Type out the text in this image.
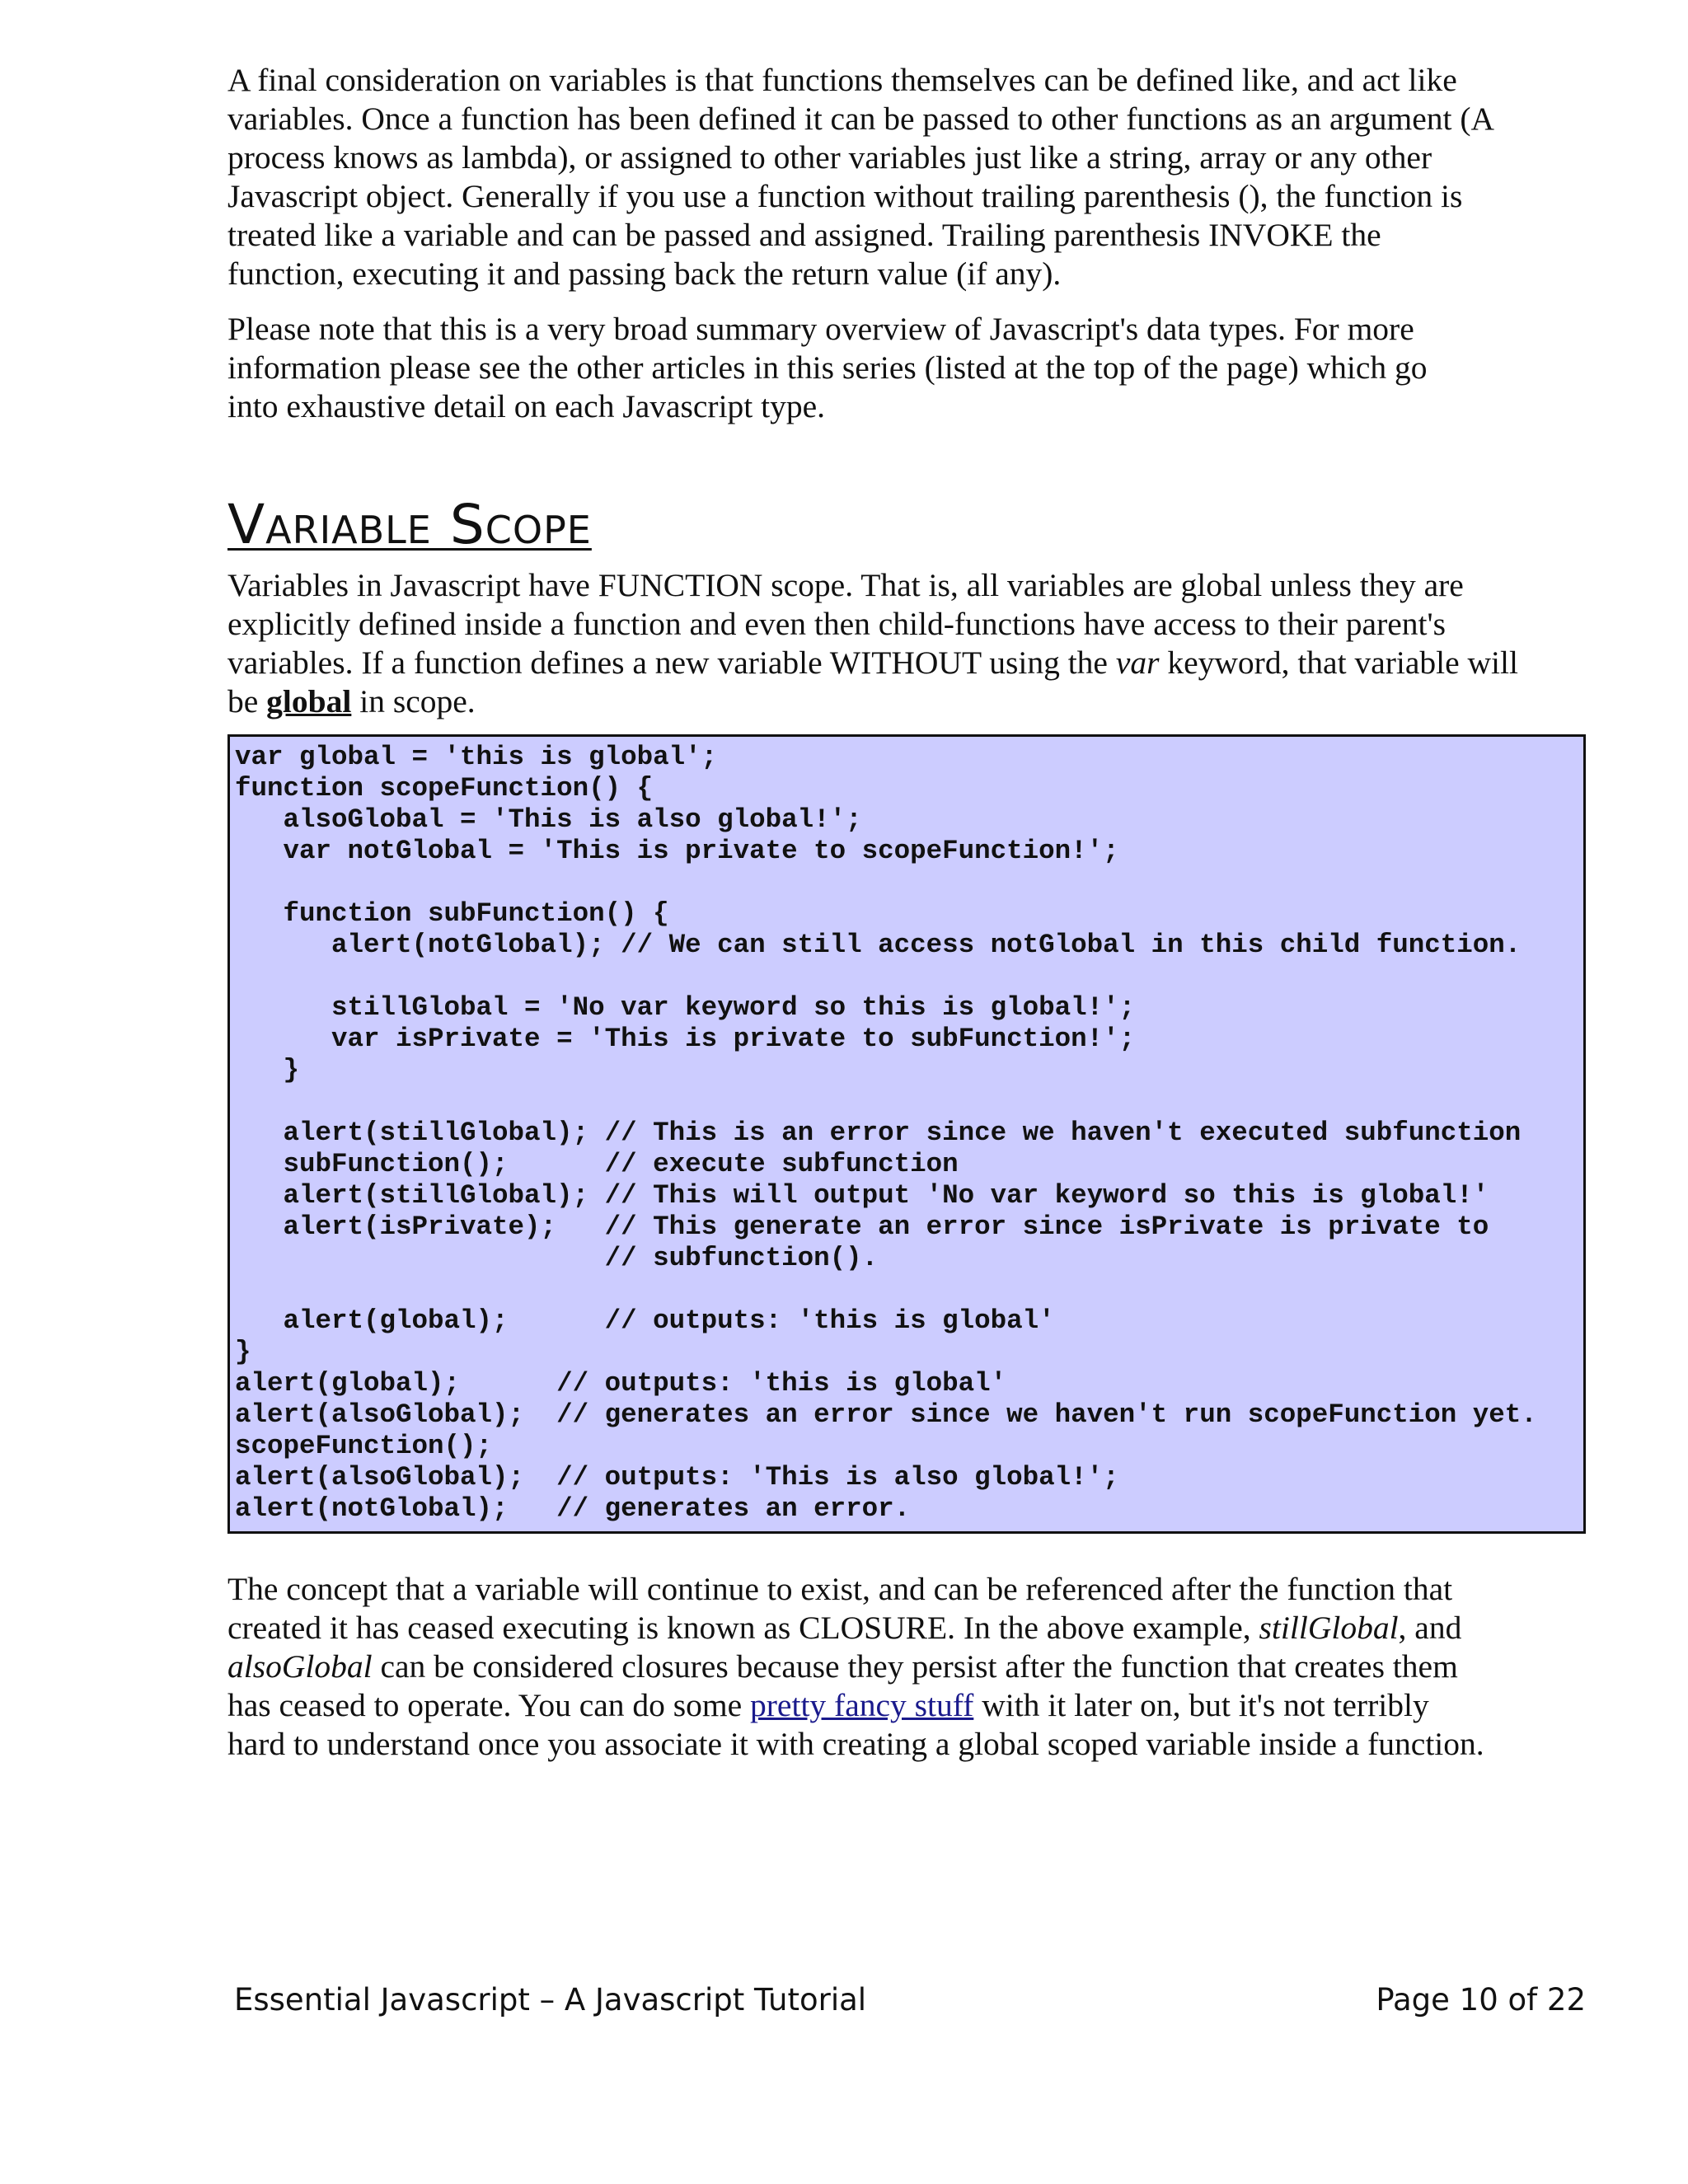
A final consideration on variables is that functions themselves can be defined like, and act like
variables. Once a function has been defined it can be passed to other functions as an argument (A
process knows as lambda), or assigned to other variables just like a string, array or any other
Javascript object. Generally if you use a function without trailing parenthesis (), the function is
treated like a variable and can be passed and assigned. Trailing parenthesis INVOKE the
function, executing it and passing back the return value (if any).

Please note that this is a very broad summary overview of Javascript's data types. For more
information please see the other articles in this series (listed at the top of the page) which go
into exhaustive detail on each Javascript type.

Variable Scope

Variables in Javascript have FUNCTION scope. That is, all variables are global unless they are
explicitly defined inside a function and even then child-functions have access to their parent's
variables. If a function defines a new variable WITHOUT using the var keyword, that variable will
be global in scope.

var global = 'this is global';
function scopeFunction() {
alsoGlobal = 'This is also global!';
var notGlobal = 'This is private to scopeFunction!';

function subFunction() {
alert(notGlobal); // We can still access notGlobal in this child function.

stillGlobal = 'No var keyword so this is global!';
var isPrivate = 'This is private to subFunction!';
}

alert(stillGlobal); // This is an error since we haven't executed subfunction
subFunction();      // execute subfunction
alert(stillGlobal); // This will output 'No var keyword so this is global!'
alert(isPrivate);   // This generate an error since isPrivate is private to
// subfunction().

alert(global);      // outputs: 'this is global'
}
alert(global);      // outputs: 'this is global'
alert(alsoGlobal);  // generates an error since we haven't run scopeFunction yet.
scopeFunction();
alert(alsoGlobal);  // outputs: 'This is also global!';
alert(notGlobal);   // generates an error.

The concept that a variable will continue to exist, and can be referenced after the function that
created it has ceased executing is known as CLOSURE. In the above example, stillGlobal, and
alsoGlobal can be considered closures because they persist after the function that creates them
has ceased to operate. You can do some pretty fancy stuff with it later on, but it's not terribly
hard to understand once you associate it with creating a global scoped variable inside a function.

Essential Javascript – A Javascript Tutorial	Page 10 of 22
